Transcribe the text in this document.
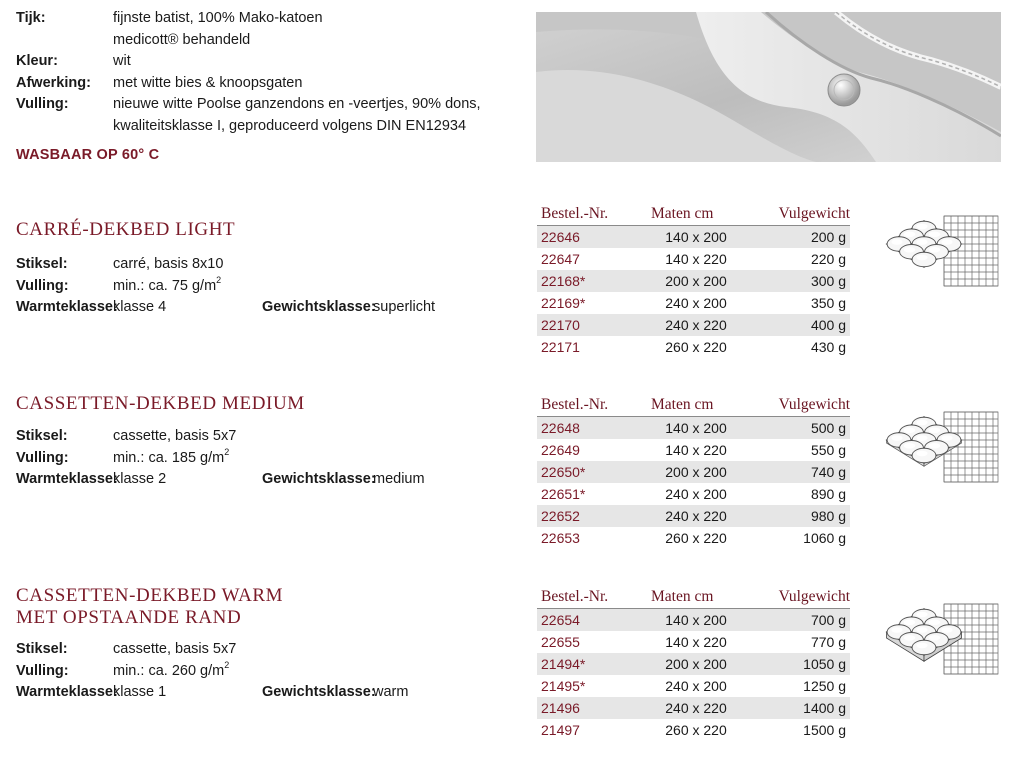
Tijk:	fijnste batist, 100% Mako-katoen
medicott® behandeld
Kleur:	wit
Afwerking:	met witte bies & knoopsgaten
Vulling:	nieuwe witte Poolse ganzendons en -veertjes, 90% dons,
kwaliteitsklasse I, geproduceerd volgens DIN EN12934
WASBAAR OP 60° C
CARRÉ-DEKBED LIGHT
Stiksel:	carré, basis 8x10
Vulling:	min.: ca. 75 $g/m^2$
Warmteklasse:
klasse 4	Gewichtsklasse:
superlicht
Bestel.-Nr.	Maten cm	Vulgewicht
22646	140 x 200	200 g
22647	140 x 220	220 g
22168*	200 x 200	300 g
22169*	240 x 200	350 g
22170	240 x 220	400 g
22171	260 x 220	430 g
CASSETTEN-DEKBED MEDIUM
Stiksel:	cassette, basis 5x7
Vulling:	min.: ca. 185 $g/m^2$
Warmteklasse:
klasse 2	Gewichtsklasse:
medium
Bestel.-Nr.	Maten cm	Vulgewicht
22648	140 x 200	500 g
22649	140 x 220	550 g
22650*	200 x 200	740 g
22651*	240 x 200	890 g
22652	240 x 220	980 g
22653	260 x 220	1060 g
CASSETTEN-DEKBED WARM
MET OPSTAANDE RAND
Stiksel:	cassette, basis 5x7
Vulling:	min.: ca. 260 $g/m^2$
Warmteklasse:
klasse 1	Gewichtsklasse:
warm
Bestel.-Nr.	Maten cm	Vulgewicht
22654	140 x 200	700 g
22655	140 x 220	770 g
21494*	200 x 200	1050 g
21495*	240 x 200	1250 g
21496	240 x 220	1400 g
21497	260 x 220	1500 g
